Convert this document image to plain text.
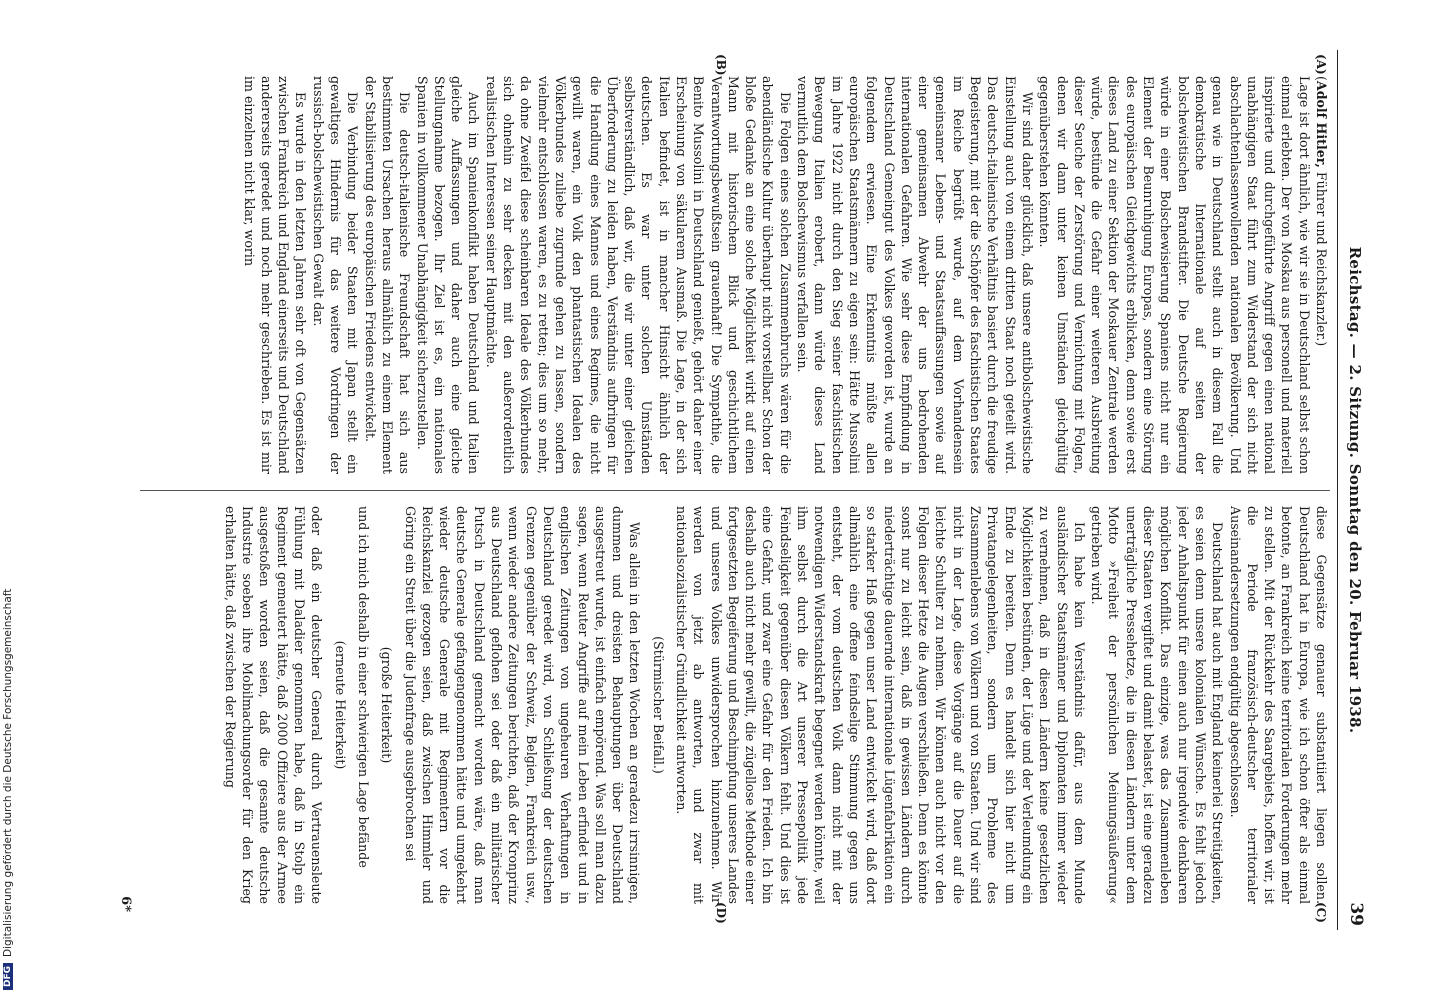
Reichstag. — 2. Sitzung. Sonntag den 20. Februar 1938.
39
(A)
(B)
(C)
(D)

(Adolf Hitler, Führer und Reichskanzler.)

Lage ist dort ähnlich, wie wir sie in Deutschland selbst schon einmal erlebten. Der von Moskau aus personell und materiell inspirierte und durchgeführte Angriff gegen einen national unabhängigen Staat führt zum Widerstand der sich nicht abschlachtenlassenwollenden nationalen Bevölkerung. Und genau wie in Deutschland stellt auch in diesem Fall die demokratische Internationale auf seiten der bolschewistischen Brandstifter. Die Deutsche Regierung würde in einer Bolschewisierung Spaniens nicht nur ein Element der Beunruhigung Europas, sondern eine Störung des europäischen Gleichgewichts erblicken, denn sowie erst dieses Land zu einer Sektion der Moskauer Zentrale werden würde, bestünde die Gefahr einer weiteren Ausbreitung dieser Seuche der Zerstörung und Vernichtung mit Folgen, denen wir dann unter keinen Umständen gleichgültig gegenüberstehen könnten.

Wir sind daher glücklich, daß unsere antibolschewistische Einstellung auch von einem dritten Staat noch geteilt wird. Das deutsch-italienische Verhältnis basiert durch die freudige Begeisterung, mit der die Schöpfer des faschistischen Staates im Reiche begrüßt wurde, auf dem Vorhandensein gemeinsamer Lebens- und Staatsauffassungen sowie auf einer gemeinsamen Abwehr der uns bedrohenden internationalen Gefahren. Wie sehr diese Empfindung in Deutschland Gemeingut des Volkes geworden ist, wurde an folgendem erwiesen. Eine Erkenntnis müßte allen europäischen Staatsmännern zu eigen sein: Hätte Mussolini im Jahre 1922 nicht durch den Sieg seiner faschistischen Bewegung Italien erobert, dann würde dieses Land vermutlich dem Bolschewismus verfallen sein.

Die Folgen eines solchen Zusammenbruchs wären für die abendländische Kultur überhaupt nicht vorstellbar. Schon der bloße Gedanke an eine solche Möglichkeit wirkt auf einen Mann mit historischem Blick und geschichtlichem Verantwortungsbewußtsein grauenhaft! Die Sympathie, die Benito Mussolini in Deutschland genießt, gehört daher einer Erscheinung von säkularem Ausmaß. Die Lage, in der sich Italien befindet, ist in mancher Hinsicht ähnlich der deutschen. Es war unter solchen Umständen selbstverständlich, daß wir, die wir unter einer gleichen Überforderung zu leiden haben, Verständnis aufbringen für die Handlung eines Mannes und eines Regimes, die nicht gewillt waren, ein Volk den phantastischen Idealen des Völkerbundes zuliebe zugrunde gehen zu lassen, sondern vielmehr entschlossen waren, es zu retten; dies um so mehr, da ohne Zweifel diese scheinbaren Ideale des Völkerbundes sich ohnehin zu sehr decken mit den außerordentlich realistischen Interessen seiner Hauptmächte.

Auch im Spanienkonflikt haben Deutschland und Italien gleiche Auffassungen und daher auch eine gleiche Stellungnahme bezogen. Ihr Ziel ist es, ein nationales Spanien in vollkommener Unabhängigkeit sicherzustellen.

Die deutsch-italienische Freundschaft hat sich aus bestimmten Ursachen heraus allmählich zu einem Element der Stabilisierung des europäischen Friedens entwickelt.

Die Verbindung beider Staaten mit Japan stellt ein gewaltiges Hindernis für das weitere Vordringen der russisch-bolschewistischen Gewalt dar.

Es wurde in den letzten Jahren sehr oft von Gegensätzen zwischen Frankreich und England einerseits und Deutschland andererseits geredet und noch mehr geschrieben. Es ist mir im einzelnen nicht klar, worin

diese Gegensätze genauer substantiiert liegen sollen. Deutschland hat in Europa, wie ich schon öfter als einmal betonte, an Frankreich keine territorialen Forderungen mehr zu stellen. Mit der Rückkehr des Saargebiets, hoffen wir, ist die Periode französisch-deutscher territorialer Auseinandersetzungen endgültig abgeschlossen.

Deutschland hat auch mit England keinerlei Streitigkeiten, es seien denn unsere kolonialen Wünsche. Es fehlt jedoch jeder Anhaltspunkt für einen auch nur irgendwie denkbaren möglichen Konflikt. Das einzige, was das Zusammenleben dieser Staaten vergiftet und damit belastet, ist eine geradezu unerträgliche Pressehetze, die in diesen Ländern unter dem Motto »Freiheit der persönlichen Meinungsäußerung« getrieben wird.

Ich habe kein Verständnis dafür, aus dem Munde ausländischer Staatsmänner und Diplomaten immer wieder zu vernehmen, daß in diesen Ländern keine gesetzlichen Möglichkeiten bestünden, der Lüge und der Verleumdung ein Ende zu bereiten. Denn es handelt sich hier nicht um Privatangelegenheiten, sondern um Probleme des Zusammenlebens von Völkern und von Staaten. Und wir sind nicht in der Lage, diese Vorgänge auf die Dauer auf die leichte Schulter zu nehmen. Wir können auch nicht vor den Folgen dieser Hetze die Augen verschließen. Denn es könnte sonst nur zu leicht sein, daß in gewissen Ländern durch niederträchtige dauernde internationale Lügenfabrikation ein so starker Haß gegen unser Land entwickelt wird, daß dort allmählich eine offene feindselige Stimmung gegen uns entsteht, der vom deutschen Volk dann nicht mit der notwendigen Widerstandskraft begegnet werden könnte, weil ihm selbst durch die Art unserer Pressepolitik jede Feindseligkeit gegenüber diesen Völkern fehlt. Und dies ist eine Gefahr, und zwar eine Gefahr für den Frieden. Ich bin deshalb auch nicht mehr gewillt, die zügellose Methode einer fortgesetzten Begeiferung und Beschimpfung unseres Landes und unseres Volkes unwidersprochen hinzunehmen. Wir werden von jetzt ab antworten, und zwar mit nationalsozialistischer Gründlichkeit antworten.

(Stürmischer Beifall.)

Was allein in den letzten Wochen an geradezu irrsinnigen, dummen und dreisten Behauptungen über Deutschland ausgestreut wurde, ist einfach empörend. Was soll man dazu sagen, wenn Reuter Angriffe auf mein Leben erfindet und in englischen Zeitungen von ungeheuren Verhaftungen in Deutschland geredet wird, von Schließung der deutschen Grenzen gegenüber der Schweiz, Belgien, Frankreich usw., wenn wieder andere Zeitungen berichten, daß der Kronprinz aus Deutschland geflohen sei oder daß ein militärischer Putsch in Deutschland gemacht worden wäre, daß man deutsche Generale gefangengenommen hätte und umgekehrt wieder deutsche Generale mit Regimentern vor die Reichskanzlei gezogen seien, daß zwischen Himmler und Göring ein Streit über die Judenfrage ausgebrochen sei

(große Heiterkeit)

und ich mich deshalb in einer schwierigen Lage befände

(erneute Heiterkeit)

oder daß ein deutscher General durch Vertrauensleute Fühlung mit Daladier genommen habe, daß in Stolp ein Regiment gemeutert hätte, daß 2000 Offiziere aus der Armee ausgestoßen worden seien, daß die gesamte deutsche Industrie soeben ihre Mobilmachungsorder für den Krieg erhalten hätte, daß zwischen der Regierung

6*
DFGDigitalisierung gefördert durch die Deutsche Forschungsgemeinschaft
